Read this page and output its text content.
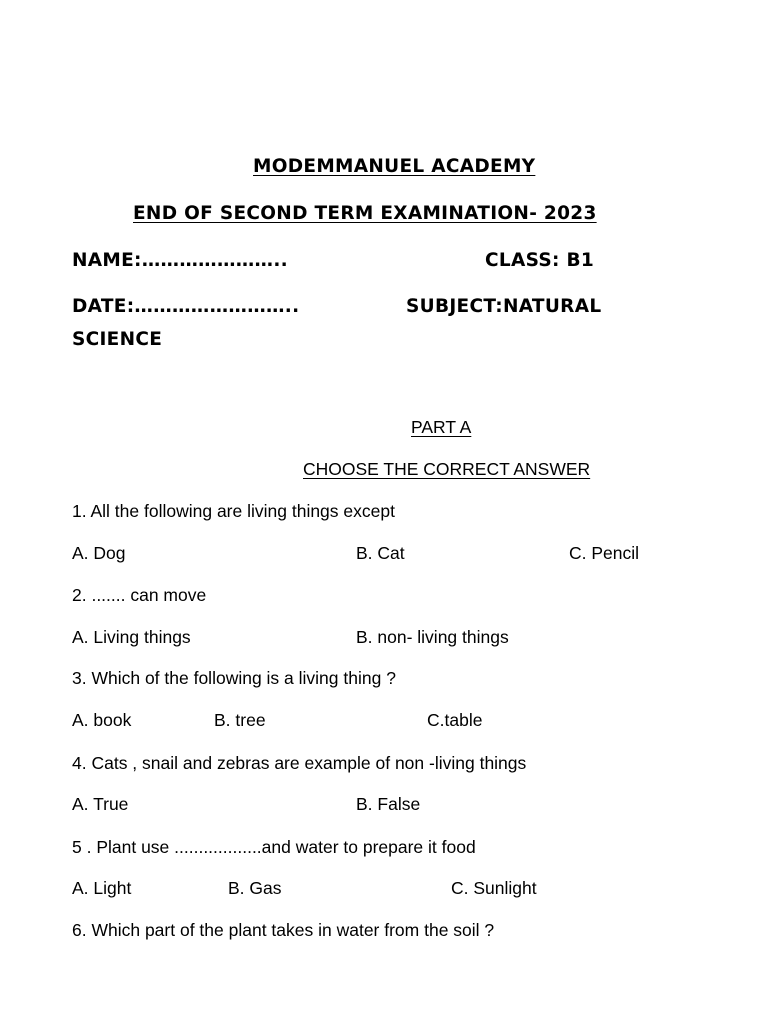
MODEMMANUEL ACADEMY
END OF SECOND TERM EXAMINATION- 2023
NAME:…………………..	CLASS: B1
DATE:……………………..	SUBJECT:NATURAL
SCIENCE
PART A
CHOOSE THE CORRECT ANSWER
1. All the following are living things except
A. Dog	B. Cat	C. Pencil
2. ....... can move
A. Living things	B. non- living things
3. Which of the following is a living thing ?
A. book	B. tree	C.table
4. Cats , snail and zebras are example of non -living things
A. True	B. False
5 . Plant use ..................and water to prepare it food
A. Light	B. Gas	C. Sunlight
6. Which part of the plant takes in water from the soil ?
